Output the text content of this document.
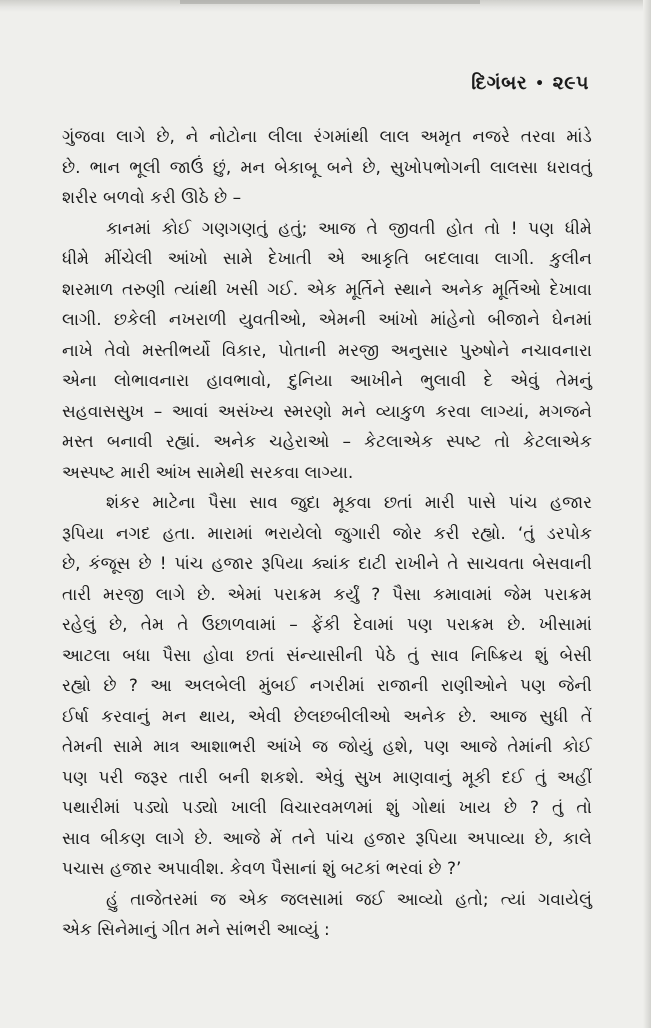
દિગંબર • ૨૯૫
ગુંજવા લાગે છે, ને નોટોના લીલા રંગમાંથી લાલ અમૃત નજરે તરવા માંડે
છે. ભાન ભૂલી જાઉં છું, મન બેકાબૂ બને છે, સુખોપભોગની લાલસા ધરાવતું
શરીર બળવો કરી ઊઠે છે –
કાનમાં કોઈ ગણગણતું હતું; આજ તે જીવતી હોત તો ! પણ ધીમે
ધીમે મીંચેલી આંખો સામે દેખાતી એ આકૃતિ બદલાવા લાગી. કુલીન
શરમાળ તરુણી ત્યાંથી ખસી ગઈ. એક મૂર્તિને સ્થાને અનેક મૂર્તિઓ દેખાવા
લાગી. છકેલી નખરાળી યુવતીઓ, એમની આંખો માંહેનો બીજાને ઘેનમાં
નાખે તેવો મસ્તીભર્યો વિકાર, પોતાની મરજી અનુસાર પુરુષોને નચાવનારા
એના લોભાવનારા હાવભાવો, દુનિયા આખીને ભુલાવી દે એવું તેમનું
સહવાસસુખ – આવાં અસંખ્ય સ્મરણો મને વ્યાકુળ કરવા લાગ્યાં, મગજને
મસ્ત બનાવી રહ્યાં. અનેક ચહેરાઓ – કેટલાએક સ્પષ્ટ તો કેટલાએક
અસ્પષ્ટ મારી આંખ સામેથી સરકવા લાગ્યા.
શંકર માટેના પૈસા સાવ જુદા મૂકવા છતાં મારી પાસે પાંચ હજાર
રૂપિયા નગદ હતા. મારામાં ભરાયેલો જુગારી જોર કરી રહ્યો. ‘તું ડરપોક
છે, કંજૂસ છે ! પાંચ હજાર રૂપિયા ક્યાંક દાટી રાખીને તે સાચવતા બેસવાની
તારી મરજી લાગે છે. એમાં પરાક્રમ કર્યું ? પૈસા કમાવામાં જેમ પરાક્રમ
રહેલું છે, તેમ તે ઉછાળવામાં – ફેંકી દેવામાં પણ પરાક્રમ છે. ખીસામાં
આટલા બધા પૈસા હોવા છતાં સંન્યાસીની પેઠે તું સાવ નિષ્ક્રિય શું બેસી
રહ્યો છે ? આ અલબેલી મુંબઈ નગરીમાં રાજાની રાણીઓને પણ જેની
ઈર્ષા કરવાનું મન થાય, એવી છેલછબીલીઓ અનેક છે. આજ સુધી તેં
તેમની સામે માત્ર આશાભરી આંખે જ જોયું હશે, પણ આજે તેમાંની કોઈ
પણ પરી જરૂર તારી બની શકશે. એવું સુખ માણવાનું મૂકી દઈ તું અહીં
પથારીમાં પડ્યો પડ્યો ખાલી વિચારવમળમાં શું ગોથાં ખાય છે ? તું તો
સાવ બીકણ લાગે છે. આજે મેં તને પાંચ હજાર રૂપિયા અપાવ્યા છે, કાલે
પચાસ હજાર અપાવીશ. કેવળ પૈસાનાં શું બટકાં ભરવાં છે ?’
હું તાજેતરમાં જ એક જલસામાં જઈ આવ્યો હતો; ત્યાં ગવાયેલું
એક સિનેમાનું ગીત મને સાંભરી આવ્યું :
